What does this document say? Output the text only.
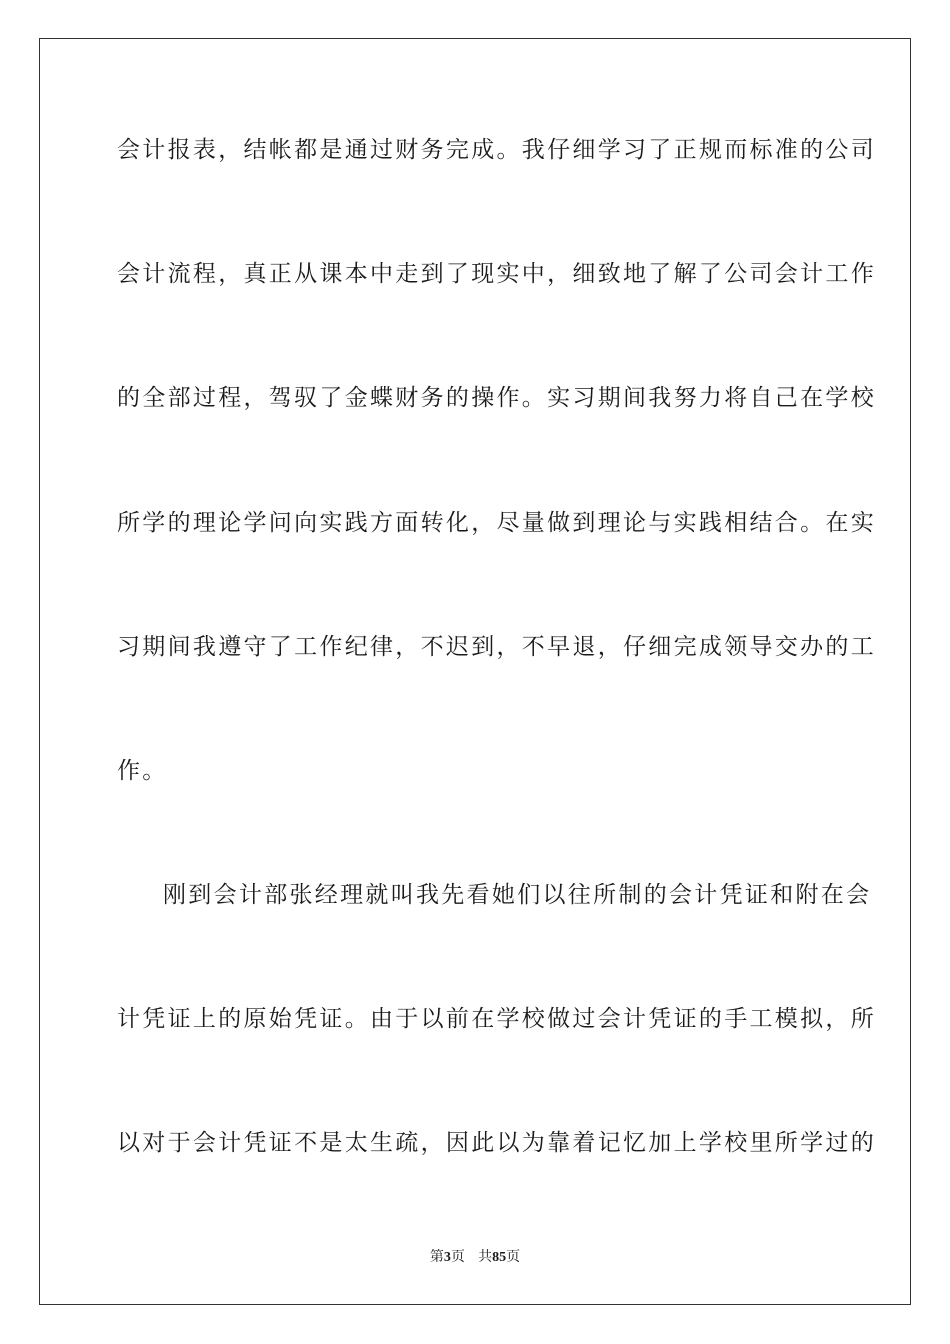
会计报表，结帐都是通过财务完成。我仔细学习了正规而标准的公司
会计流程，真正从课本中走到了现实中，细致地了解了公司会计工作
的全部过程，驾驭了金蝶财务的操作。实习期间我努力将自己在学校
所学的理论学问向实践方面转化，尽量做到理论与实践相结合。在实
习期间我遵守了工作纪律，不迟到，不早退，仔细完成领导交办的工
作。
刚到会计部张经理就叫我先看她们以往所制的会计凭证和附在会
计凭证上的原始凭证。由于以前在学校做过会计凭证的手工模拟，所
以对于会计凭证不是太生疏，因此以为靠着记忆加上学校里所学过的
第3页 共85页
